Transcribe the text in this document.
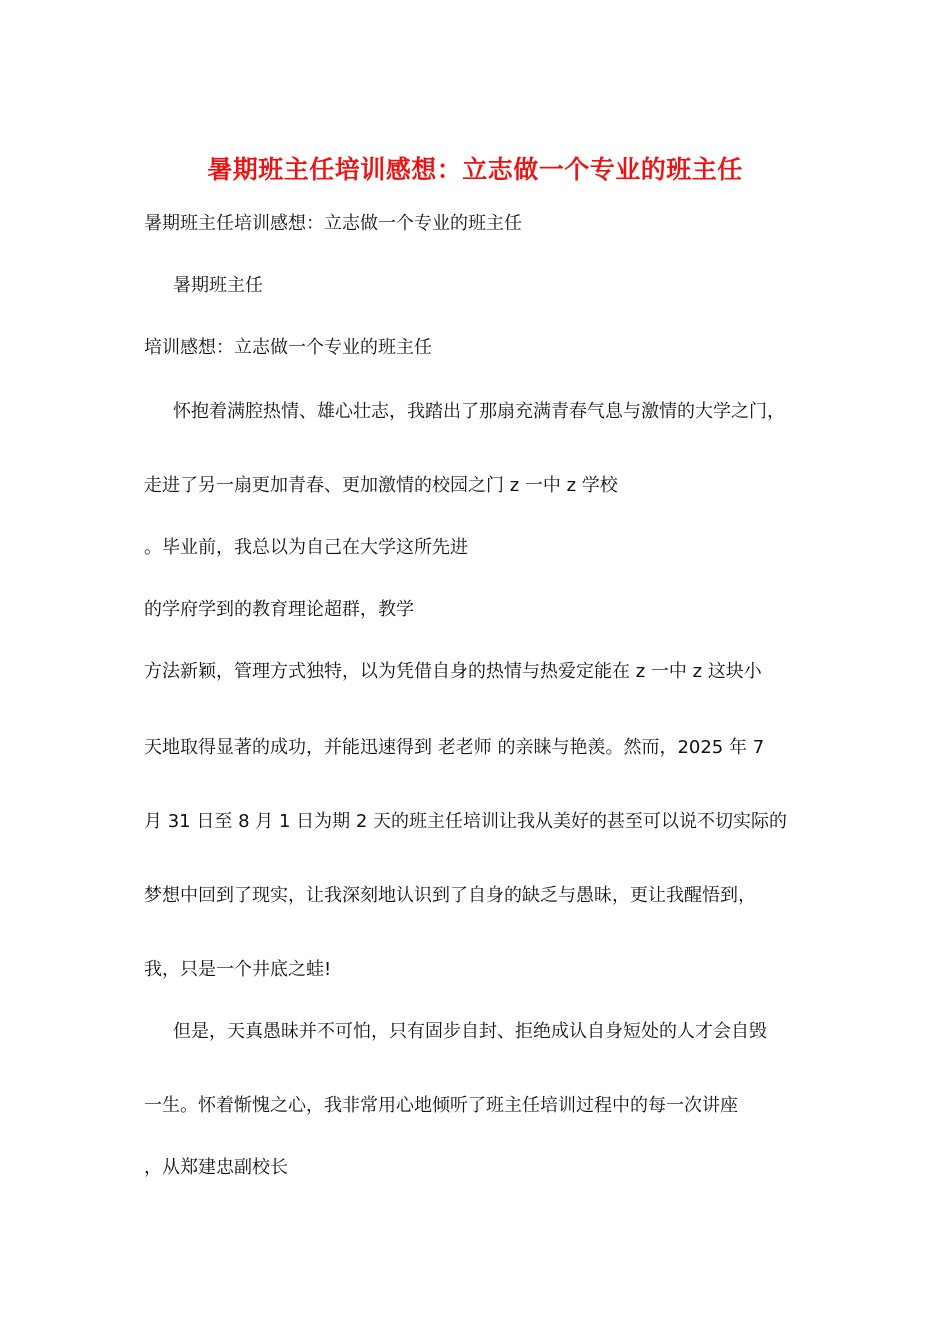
暑期班主任培训感想：立志做一个专业的班主任
暑期班主任培训感想：立志做一个专业的班主任
暑期班主任
培训感想：立志做一个专业的班主任
怀抱着满腔热情、雄心壮志，我踏出了那扇充满青春气息与激情的大学之门，
走进了另一扇更加青春、更加激情的校园之门 z 一中 z 学校
。毕业前，我总以为自己在大学这所先进
的学府学到的教育理论超群，教学
方法新颖，管理方式独特，以为凭借自身的热情与热爱定能在 z 一中 z 这块小
天地取得显著的成功，并能迅速得到 老老师 的亲睐与艳羡。然而，2025 年 7
月 31 日至 8 月 1 日为期 2 天的班主任培训让我从美好的甚至可以说不切实际的
梦想中回到了现实，让我深刻地认识到了自身的缺乏与愚昧，更让我醒悟到，
我，只是一个井底之蛙!
但是，天真愚昧并不可怕，只有固步自封、拒绝成认自身短处的人才会自毁
一生。怀着惭愧之心，我非常用心地倾听了班主任培训过程中的每一次讲座
，从郑建忠副校长
